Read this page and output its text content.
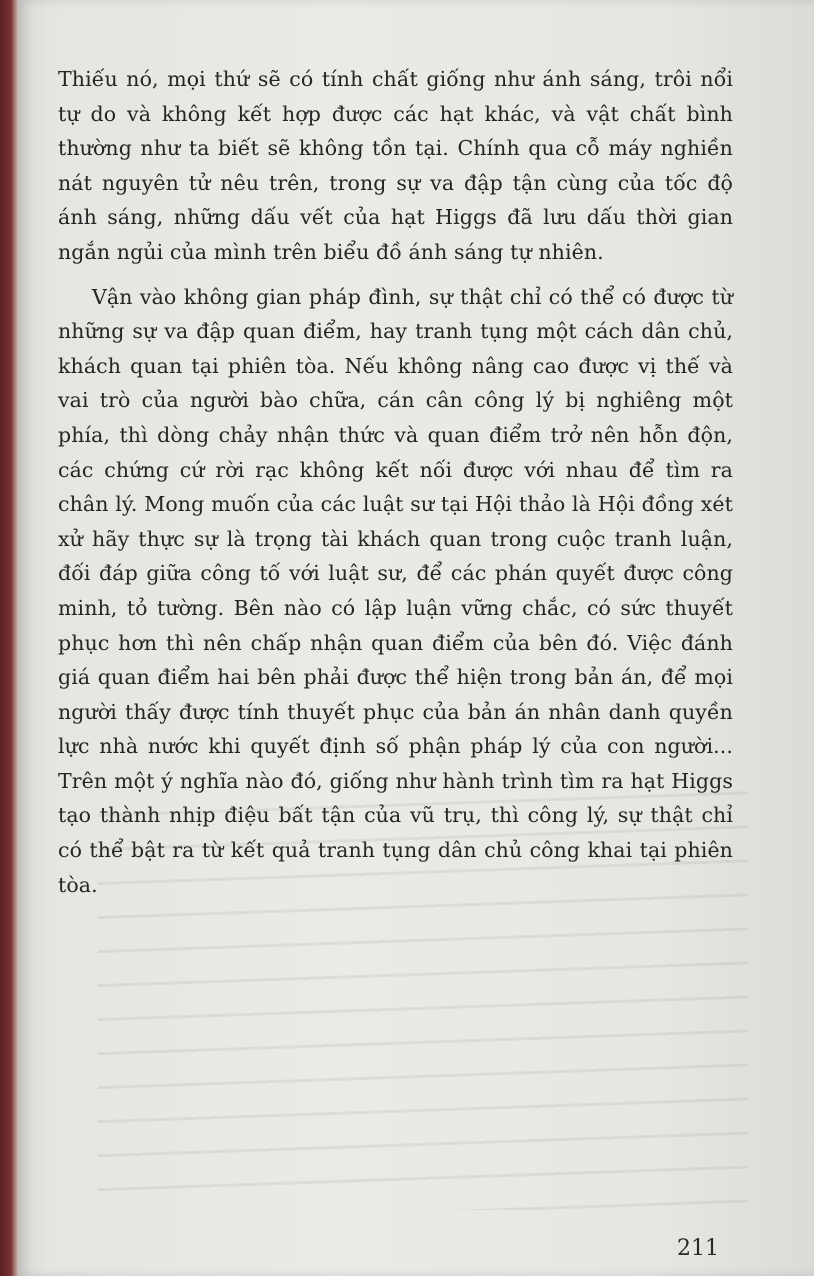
Thiếu nó, mọi thứ sẽ có tính chất giống như ánh sáng, trôi nổi tự do và không kết hợp được các hạt khác, và vật chất bình thường như ta biết sẽ không tồn tại. Chính qua cỗ máy nghiền nát nguyên tử nêu trên, trong sự va đập tận cùng của tốc độ ánh sáng, những dấu vết của hạt Higgs đã lưu dấu thời gian ngắn ngủi của mình trên biểu đồ ánh sáng tự nhiên.

Vận vào không gian pháp đình, sự thật chỉ có thể có được từ những sự va đập quan điểm, hay tranh tụng một cách dân chủ, khách quan tại phiên tòa. Nếu không nâng cao được vị thế và vai trò của người bào chữa, cán cân công lý bị nghiêng một phía, thì dòng chảy nhận thức và quan điểm trở nên hỗn độn, các chứng cứ rời rạc không kết nối được với nhau để tìm ra chân lý. Mong muốn của các luật sư tại Hội thảo là Hội đồng xét xử hãy thực sự là trọng tài khách quan trong cuộc tranh luận, đối đáp giữa công tố với luật sư, để các phán quyết được công minh, tỏ tường. Bên nào có lập luận vững chắc, có sức thuyết phục hơn thì nên chấp nhận quan điểm của bên đó. Việc đánh giá quan điểm hai bên phải được thể hiện trong bản án, để mọi người thấy được tính thuyết phục của bản án nhân danh quyền lực nhà nước khi quyết định số phận pháp lý của con người... Trên một ý nghĩa nào đó, giống như hành trình tìm ra hạt Higgs tạo thành nhịp điệu bất tận của vũ trụ, thì công lý, sự thật chỉ có thể bật ra từ kết quả tranh tụng dân chủ công khai tại phiên tòa.

211
